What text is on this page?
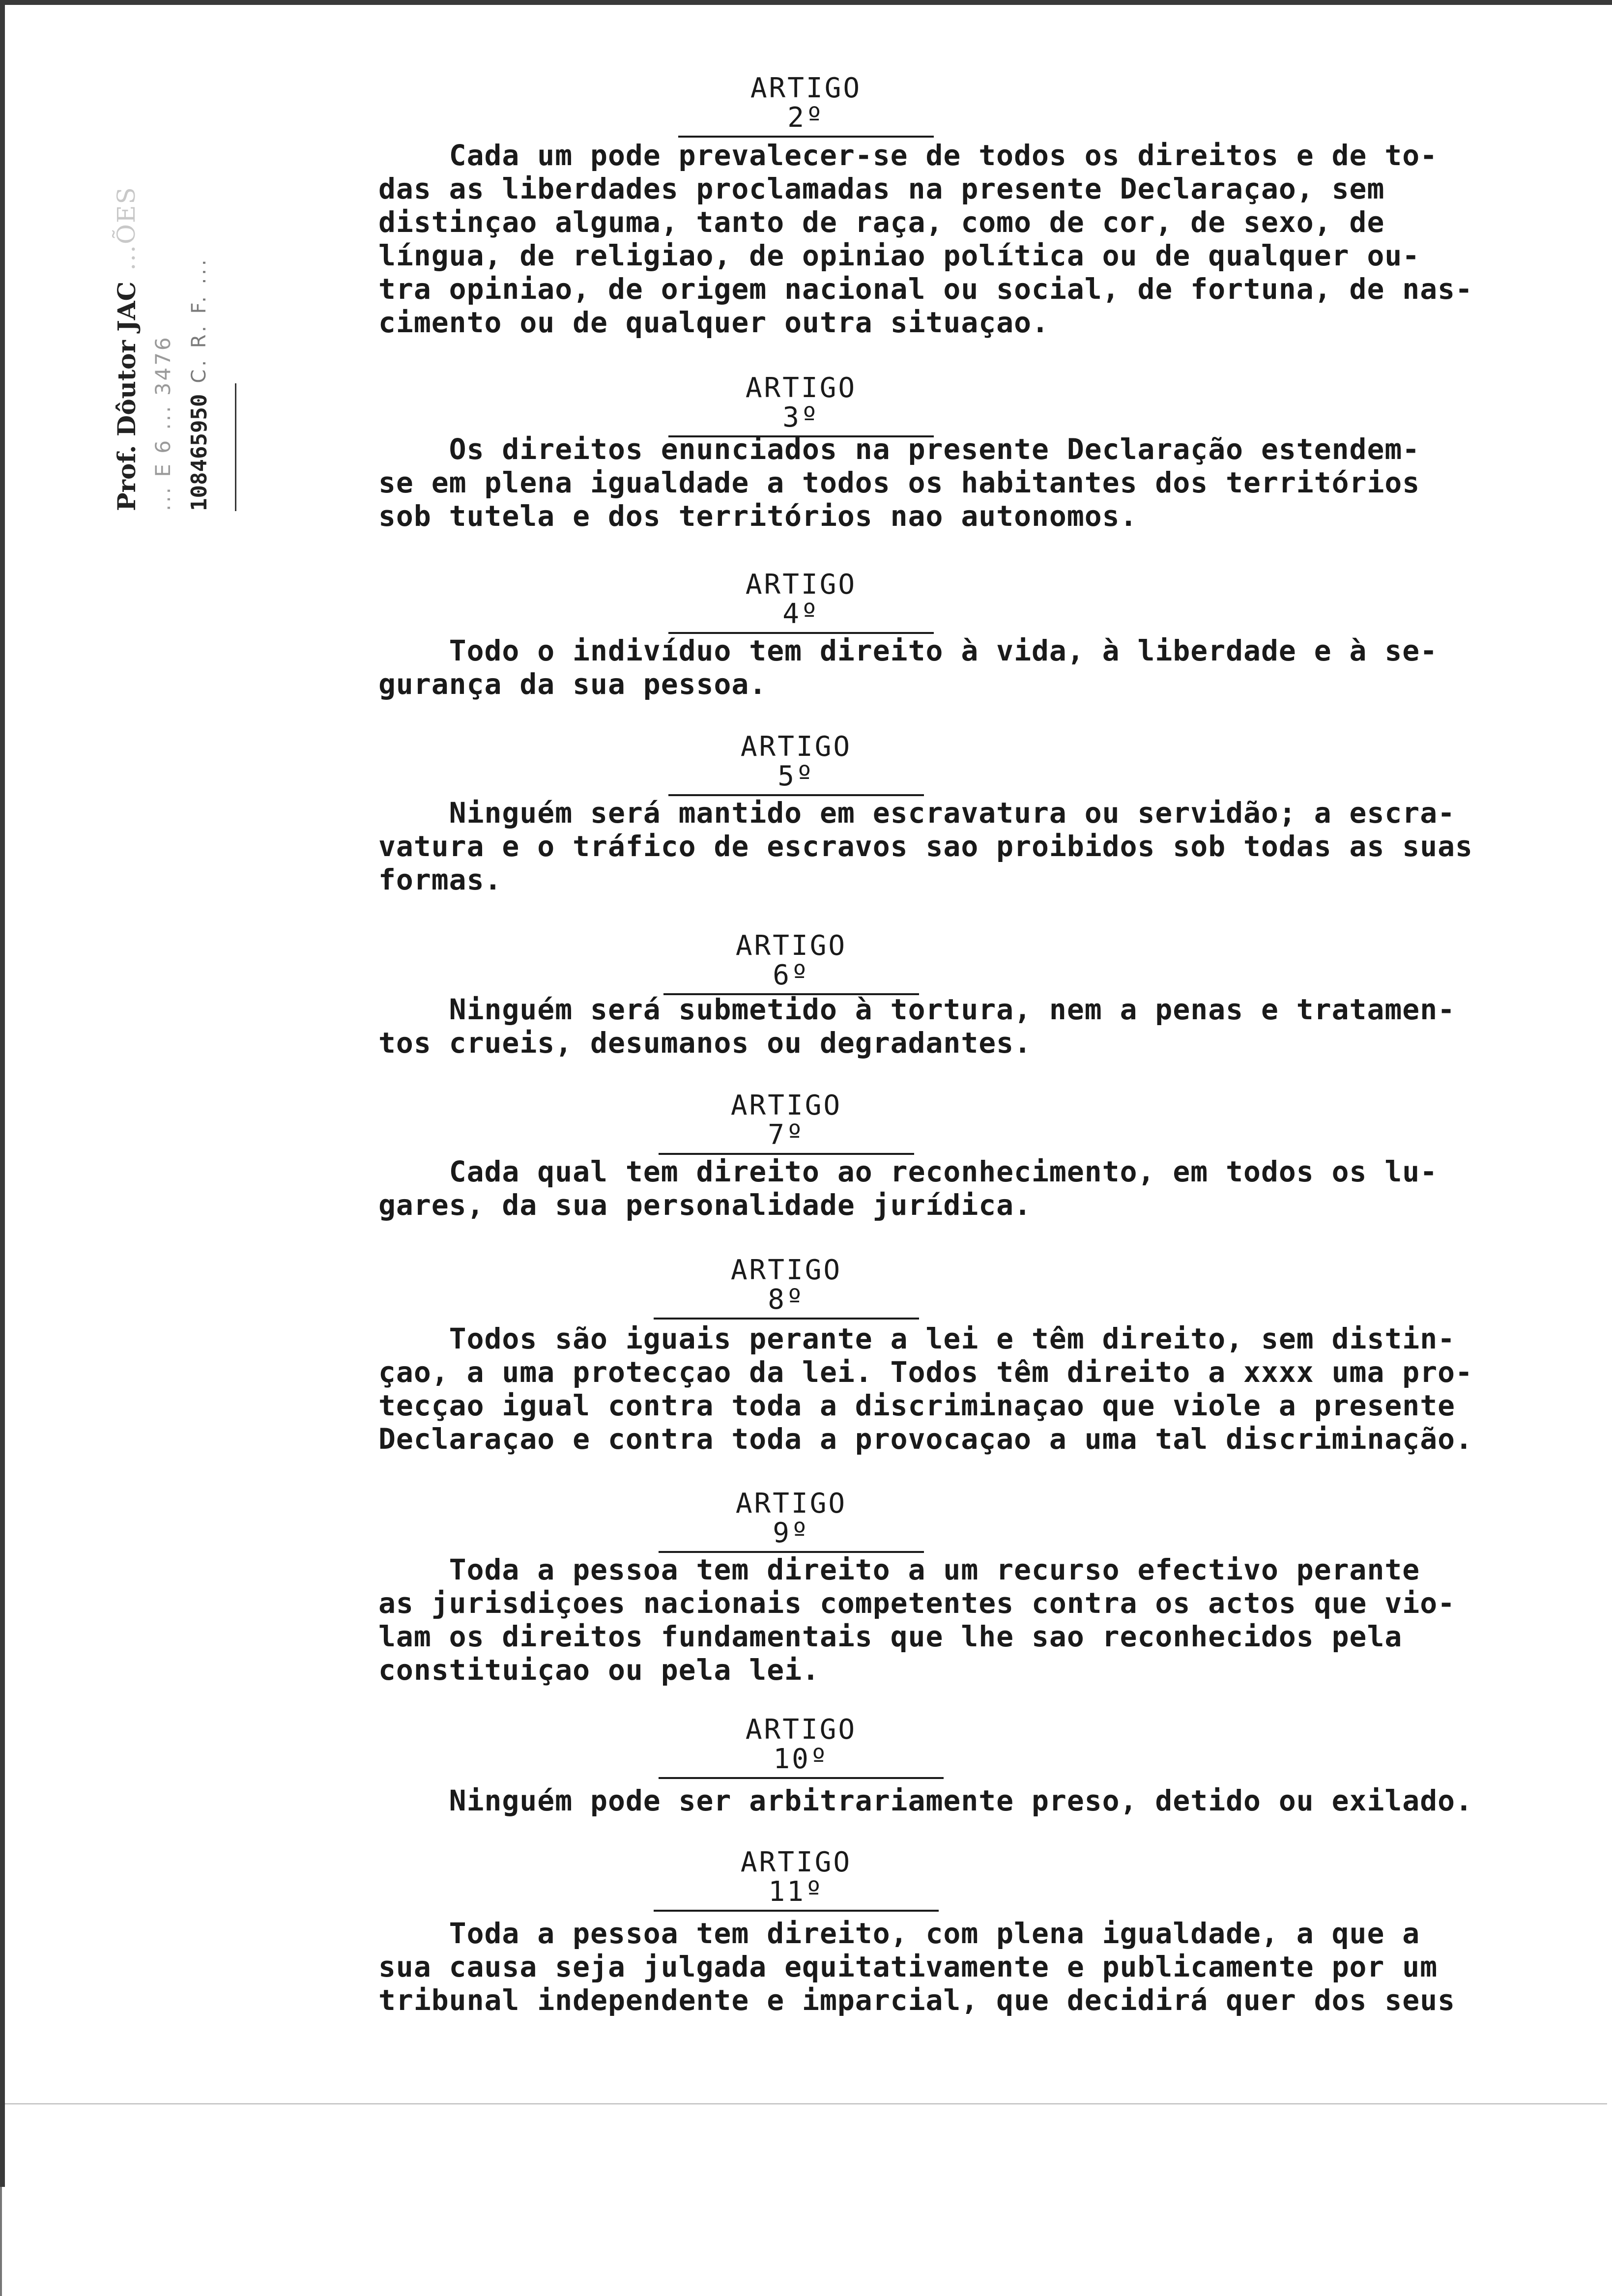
Prof. Dôutor JAC
...ÕES
... E 6 ... 3476 108465950
C. R. F. ...
ARTIGO 2º
Cada um pode prevalecer-se de todos os direitos e de to-
das as liberdades proclamadas na presente Declaraçao, sem
distinçao alguma, tanto de raça, como de cor, de sexo, de
língua, de religiao, de opiniao política ou de qualquer ou-
tra opiniao, de origem nacional ou social, de fortuna, de nas-
cimento ou de qualquer outra situaçao.
ARTIGO 3º
Os direitos enunciados na presente Declaração estendem-
se em plena igualdade a todos os habitantes dos territórios
sob tutela e dos territórios nao autonomos.
ARTIGO 4º
Todo o indivíduo tem direito à vida, à liberdade e à se-
gurança da sua pessoa.
ARTIGO 5º
Ninguém será mantido em escravatura ou servidão; a escra-
vatura e o tráfico de escravos sao proibidos sob todas as suas
formas.
ARTIGO 6º
Ninguém será submetido à tortura, nem a penas e tratamen-
tos crueis, desumanos ou degradantes.
ARTIGO 7º
Cada qual tem direito ao reconhecimento, em todos os lu-
gares, da sua personalidade jurídica.
ARTIGO 8º
Todos são iguais perante a lei e têm direito, sem distin-
çao, a uma protecçao da lei. Todos têm direito a xxxx uma pro-
tecçao igual contra toda a discriminaçao que viole a presente
Declaraçao e contra toda a provocaçao a uma tal discriminação.
ARTIGO 9º
Toda a pessoa tem direito a um recurso efectivo perante
as jurisdiçoes nacionais competentes contra os actos que vio-
lam os direitos fundamentais que lhe sao reconhecidos pela
constituiçao ou pela lei.
ARTIGO 10º
Ninguém pode ser arbitrariamente preso, detido ou exilado.
ARTIGO 11º
Toda a pessoa tem direito, com plena igualdade, a que a
sua causa seja julgada equitativamente e publicamente por um
tribunal independente e imparcial, que decidirá quer dos seus
